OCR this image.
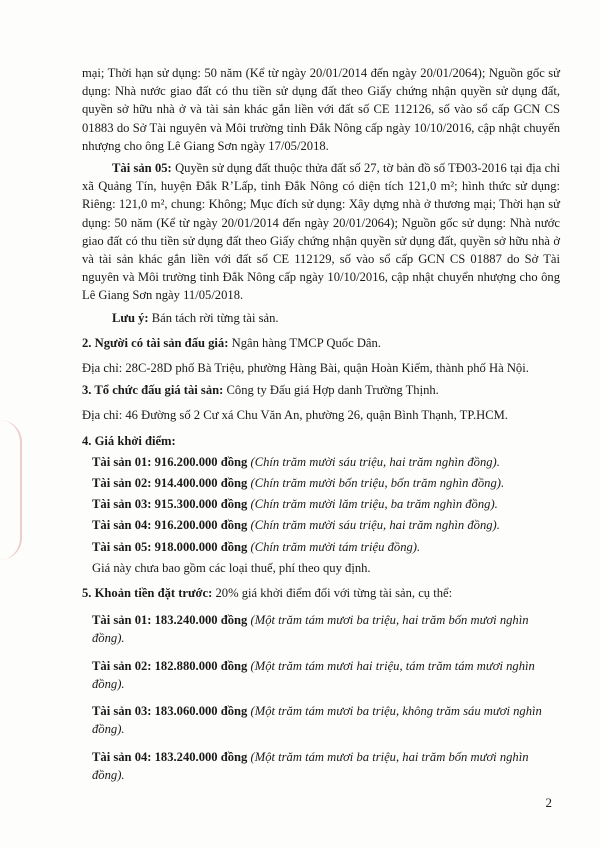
mại; Thời hạn sử dụng: 50 năm (Kể từ ngày 20/01/2014 đến ngày 20/01/2064); Nguồn gốc sử dụng: Nhà nước giao đất có thu tiền sử dụng đất theo Giấy chứng nhận quyền sử dụng đất, quyền sở hữu nhà ở và tài sản khác gắn liền với đất số CE 112126, số vào sổ cấp GCN CS 01883 do Sở Tài nguyên và Môi trường tỉnh Đắk Nông cấp ngày 10/10/2016, cập nhật chuyển nhượng cho ông Lê Giang Sơn ngày 17/05/2018.

Tài sản 05: Quyền sử dụng đất thuộc thửa đất số 27, tờ bản đồ số TĐ03-2016 tại địa chỉ xã Quảng Tín, huyện Đắk R’Lấp, tỉnh Đắk Nông có diện tích 121,0 m²; hình thức sử dụng: Riêng: 121,0 m², chung: Không; Mục đích sử dụng: Xây dựng nhà ở thương mại; Thời hạn sử dụng: 50 năm (Kể từ ngày 20/01/2014 đến ngày 20/01/2064); Nguồn gốc sử dụng: Nhà nước giao đất có thu tiền sử dụng đất theo Giấy chứng nhận quyền sử dụng đất, quyền sở hữu nhà ở và tài sản khác gắn liền với đất số CE 112129, số vào sổ cấp GCN CS 01887 do Sở Tài nguyên và Môi trường tỉnh Đắk Nông cấp ngày 10/10/2016, cập nhật chuyển nhượng cho ông Lê Giang Sơn ngày 11/05/2018.

Lưu ý: Bán tách rời từng tài sản.

2. Người có tài sản đấu giá: Ngân hàng TMCP Quốc Dân.

Địa chỉ: 28C-28D phố Bà Triệu, phường Hàng Bài, quận Hoàn Kiếm, thành phố Hà Nội.

3. Tổ chức đấu giá tài sản: Công ty Đấu giá Hợp danh Trường Thịnh.

Địa chỉ: 46 Đường số 2 Cư xá Chu Văn An, phường 26, quận Bình Thạnh, TP.HCM.

4. Giá khởi điểm:

Tài sản 01: 916.200.000 đồng (Chín trăm mười sáu triệu, hai trăm nghìn đồng).

Tài sản 02: 914.400.000 đồng (Chín trăm mười bốn triệu, bốn trăm nghìn đồng).

Tài sản 03: 915.300.000 đồng (Chín trăm mười lăm triệu, ba trăm nghìn đồng).

Tài sản 04: 916.200.000 đồng (Chín trăm mười sáu triệu, hai trăm nghìn đồng).

Tài sản 05: 918.000.000 đồng (Chín trăm mười tám triệu đồng).

Giá này chưa bao gồm các loại thuế, phí theo quy định.

5. Khoản tiền đặt trước: 20% giá khởi điểm đối với từng tài sản, cụ thể:

Tài sản 01: 183.240.000 đồng (Một trăm tám mươi ba triệu, hai trăm bốn mươi nghìn đồng).

Tài sản 02: 182.880.000 đồng (Một trăm tám mươi hai triệu, tám trăm tám mươi nghìn đồng).

Tài sản 03: 183.060.000 đồng (Một trăm tám mươi ba triệu, không trăm sáu mươi nghìn đồng).

Tài sản 04: 183.240.000 đồng (Một trăm tám mươi ba triệu, hai trăm bốn mươi nghìn đồng).

2
